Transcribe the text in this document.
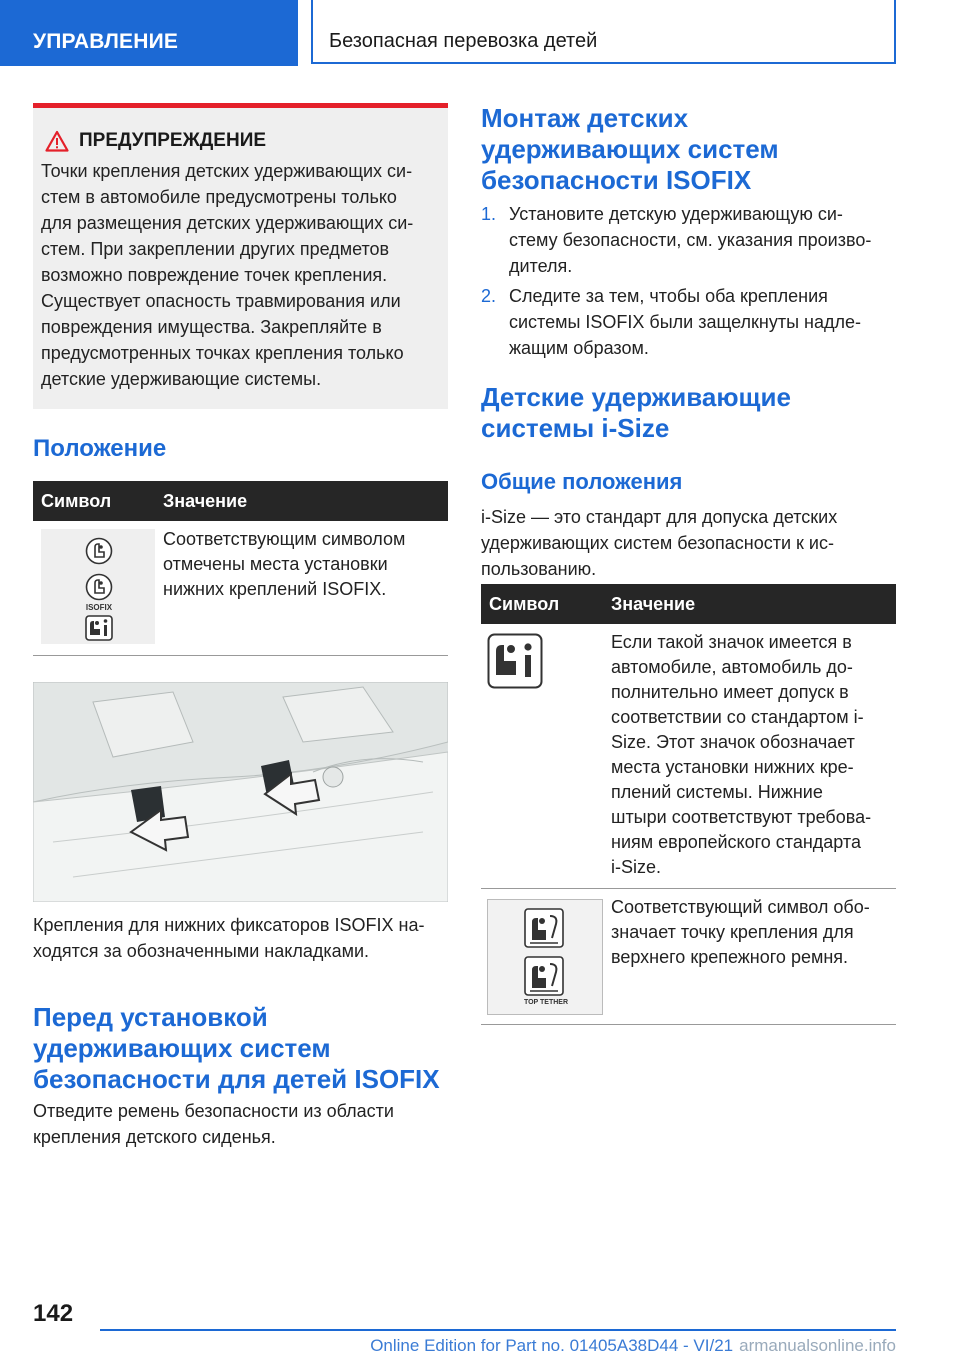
УПРАВЛЕНИЕ	Безопасная перевозка детей
ПРЕДУПРЕЖДЕНИЕ
Точки крепления детских удерживающих си-
стем в автомобиле предусмотрены только
для размещения детских удерживающих си-
стем. При закреплении других предметов
возможно повреждение точек крепления.
Существует опасность травмирования или
повреждения имущества. Закрепляйте в
предусмотренных точках крепления только
детские удерживающие системы.
Положение
Символ	Значение
ISOFIX
Соответствующим символом
отмечены места установки
нижних креплений ISOFIX.
Крепления для нижних фиксаторов ISOFIX на-
ходятся за обозначенными накладками.
Перед установкой
удерживающих систем
безопасности для детей ISOFIX
Отведите ремень безопасности из области
крепления детского сиденья.
Монтаж детских
удерживающих систем
безопасности ISOFIX
1. Установите детскую удерживающую си-
стему безопасности, см. указания произво-
дителя.
2. Следите за тем, чтобы оба крепления
системы ISOFIX были защелкнуты надле-
жащим образом.
Детские удерживающие
системы i-Size
Общие положения
i-Size — это стандарт для допуска детских
удерживающих систем безопасности к ис-
пользованию.
Символ	Значение
Если такой значок имеется в
автомобиле, автомобиль до-
полнительно имеет допуск в
соответствии со стандартом i-
Size. Этот значок обозначает
места установки нижних кре-
плений системы. Нижние
штыри соответствуют требова-
ниям европейского стандарта
i-Size.
TOP TETHER
Соответствующий символ обо-
значает точку крепления для
верхнего крепежного ремня.
142
Online Edition for Part no. 01405A38D44 - VI/21 armanualsonline.info
